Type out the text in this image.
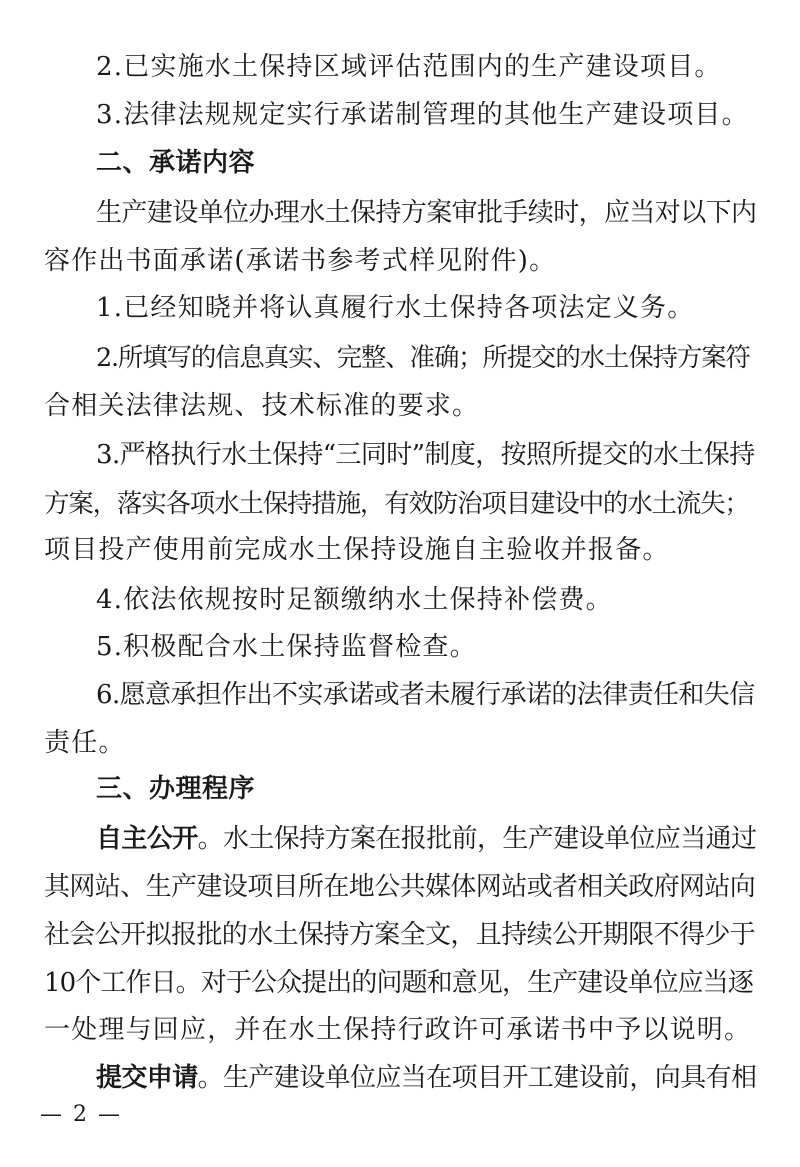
2.已实施水土保持区域评估范围内的生产建设项目。
3.法律法规规定实行承诺制管理的其他生产建设项目。
二、承诺内容
生产建设单位办理水土保持方案审批手续时，应当对以下内
容作出书面承诺(承诺书参考式样见附件)。
1.已经知晓并将认真履行水土保持各项法定义务。
2.所填写的信息真实、完整、准确；所提交的水土保持方案符
合相关法律法规、技术标准的要求。
3.严格执行水土保持“三同时”制度，按照所提交的水土保持
方案，落实各项水土保持措施，有效防治项目建设中的水土流失；
项目投产使用前完成水土保持设施自主验收并报备。
4.依法依规按时足额缴纳水土保持补偿费。
5.积极配合水土保持监督检查。
6.愿意承担作出不实承诺或者未履行承诺的法律责任和失信
责任。
三、办理程序
自主公开。水土保持方案在报批前，生产建设单位应当通过
其网站、生产建设项目所在地公共媒体网站或者相关政府网站向
社会公开拟报批的水土保持方案全文，且持续公开期限不得少于
10个工作日。对于公众提出的问题和意见，生产建设单位应当逐
一处理与回应，并在水土保持行政许可承诺书中予以说明。
提交申请。生产建设单位应当在项目开工建设前，向具有相
— 2 —
